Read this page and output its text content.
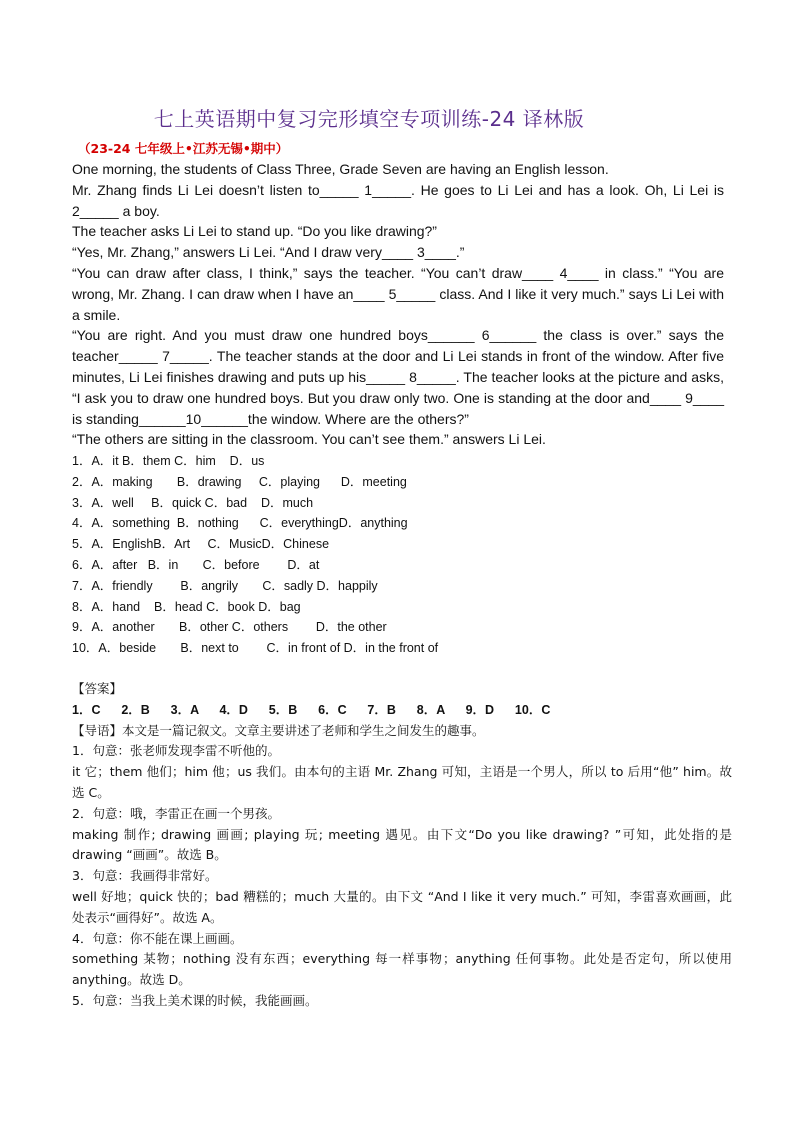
七上英语期中复习完形填空专项训练-24 译林版
（23-24 七年级上•江苏无锡•期中）

One morning, the students of Class Three, Grade Seven are having an English lesson.

Mr. Zhang finds Li Lei doesn’t listen to_____ 1_____. He goes to Li Lei and has a look. Oh, Li Lei is 2_____ a boy.

The teacher asks Li Lei to stand up. “Do you like drawing?”

“Yes, Mr. Zhang,” answers Li Lei. “And I draw very____ 3____.”

“You can draw after class, I think,” says the teacher. “You can’t draw____ 4____ in class.” “You are wrong, Mr. Zhang. I can draw when I have an____ 5_____ class. And I like it very much.” says Li Lei with a smile.

“You are right. And you must draw one hundred boys______ 6______ the class is over.” says the teacher_____ 7_____. The teacher stands at the door and Li Lei stands in front of the window. After five minutes, Li Lei finishes drawing and puts up his_____ 8_____. The teacher looks at the picture and asks, “I ask you to draw one hundred boys. But you draw only two. One is standing at the door and____ 9____ is standing______10______the window. Where are the others?”

“The others are sitting in the classroom. You can’t see them.” answers Li Lei.

1．A．it B．them C．him    D．us
2．A．making       B．drawing     C．playing      D．meeting
3．A．well     B．quick C．bad    D．much
4．A．something  B．nothing      C．everythingD．anything
5．A．EnglishB．Art     C．MusicD．Chinese
6．A．after   B．in       C．before        D．at
7．A．friendly        B．angrily       C．sadly D．happily
8．A．hand    B．head C．book D．bag
9．A．another       B．other C．others        D．the other
10．A．beside       B．next to        C．in front of D．in the front of

【答案】

1．C      2．B      3．A      4．D      5．B      6．C      7．B      8．A      9．D      10．C

【导语】本文是一篇记叙文。文章主要讲述了老师和学生之间发生的趣事。

1．句意：张老师发现李雷不听他的。

it 它；them 他们；him 他；us 我们。由本句的主语 Mr. Zhang 可知，主语是一个男人，所以 to 后用“他” him。故选 C。

2．句意：哦，李雷正在画一个男孩。

making 制作; drawing 画画; playing 玩; meeting 遇见。由下文“Do you like drawing? ”可知，此处指的是 drawing “画画”。故选 B。

3．句意：我画得非常好。

well 好地；quick 快的；bad 糟糕的；much 大量的。由下文 “And I like it very much.” 可知，李雷喜欢画画，此处表示“画得好”。故选 A。

4．句意：你不能在课上画画。

something 某物；nothing 没有东西；everything 每一样事物；anything 任何事物。此处是否定句，所以使用 anything。故选 D。

5．句意：当我上美术课的时候，我能画画。
